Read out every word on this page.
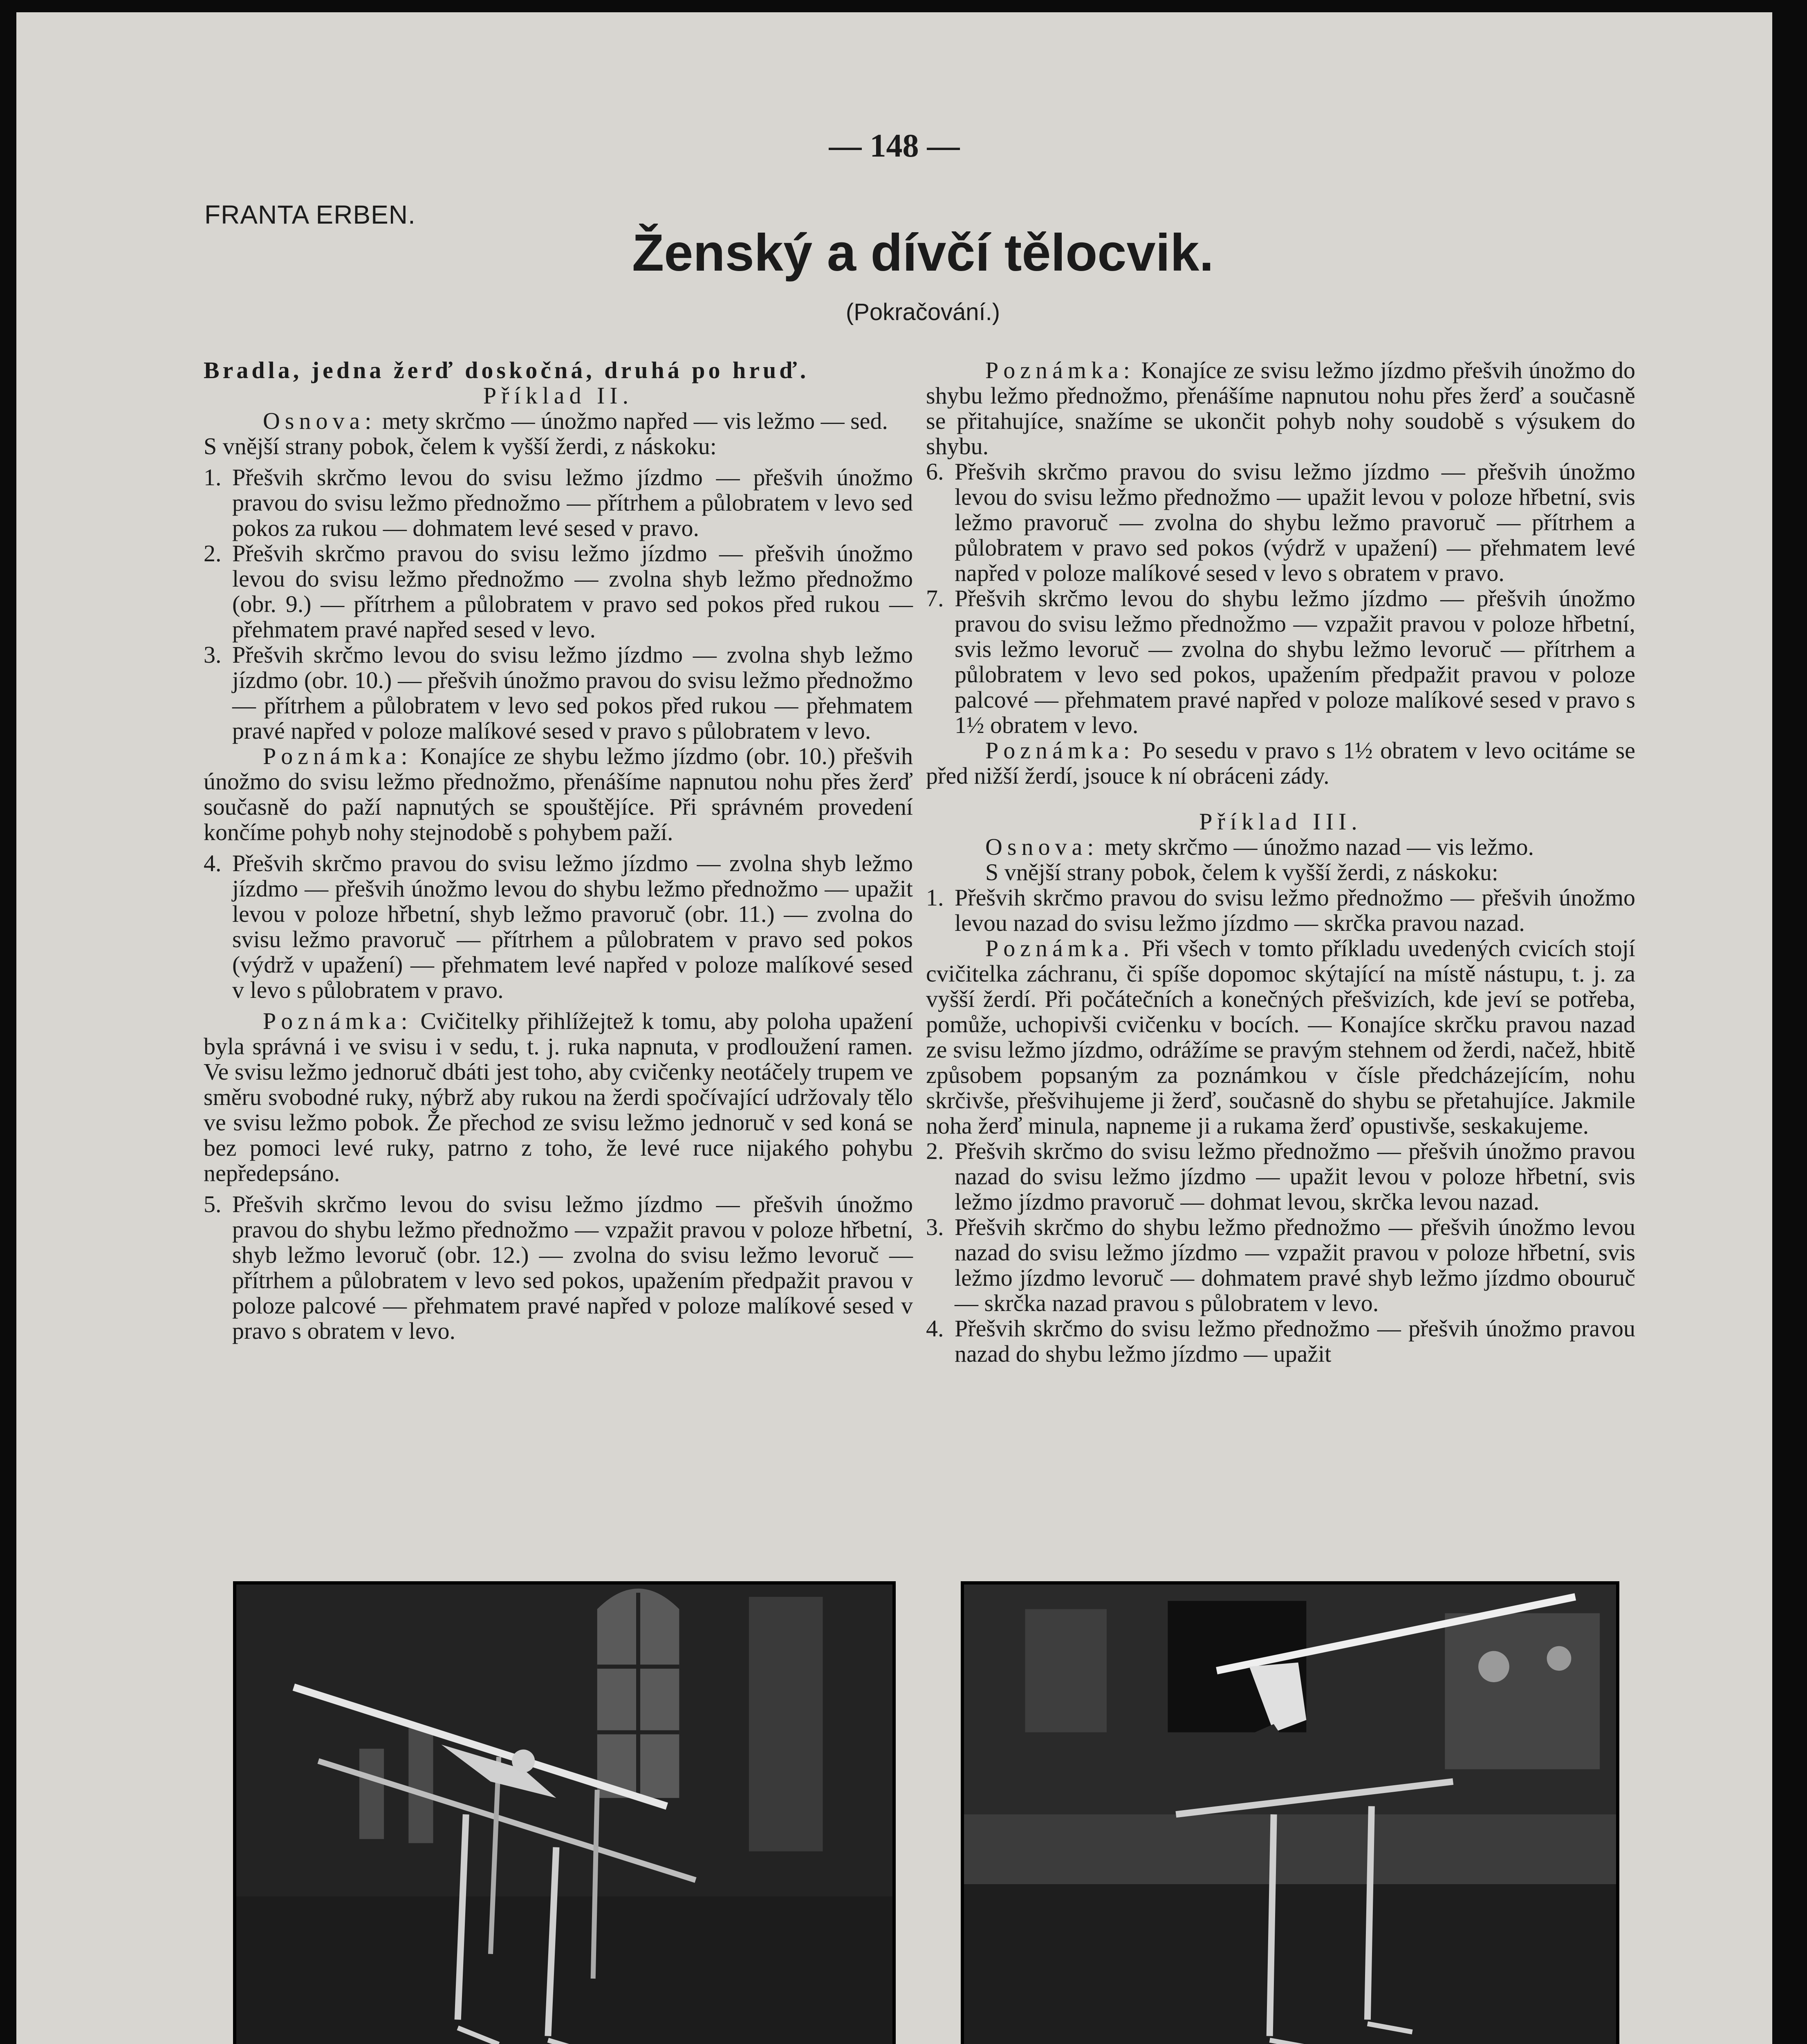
— 148 —
FRANTA ERBEN.
Ženský a dívčí tělocvik.
(Pokračování.)

Bradla, jedna žerď doskočná, druhá po hruď.

Příklad II.

Osnova: mety skrčmo — únožmo napřed — vis ležmo — sed.

S vnější strany pobok, čelem k vyšší žerdi, z náskoku:

1. Přešvih skrčmo levou do svisu ležmo jízdmo — přešvih únožmo pravou do svisu ležmo přednožmo — přítrhem a půlobratem v levo sed pokos za rukou — dohmatem levé sesed v pravo.
2. Přešvih skrčmo pravou do svisu ležmo jízdmo — přešvih únožmo levou do svisu ležmo přednožmo — zvolna shyb ležmo přednožmo (obr. 9.) — přítrhem a půlobratem v pravo sed pokos před rukou — přehmatem pravé napřed sesed v levo.
3. Přešvih skrčmo levou do svisu ležmo jízdmo — zvolna shyb ležmo jízdmo (obr. 10.) — přešvih únožmo pravou do svisu ležmo přednožmo — přítrhem a půlobratem v levo sed pokos před rukou — přehmatem pravé napřed v poloze malíkové sesed v pravo s půlobratem v levo.

Poznámka: Konajíce ze shybu ležmo jízdmo (obr. 10.) přešvih únožmo do svisu ležmo přednožmo, přenášíme napnutou nohu přes žerď současně do paží napnutých se spouštějíce. Při správném provedení končíme pohyb nohy stejnodobě s pohybem paží.

4. Přešvih skrčmo pravou do svisu ležmo jízdmo — zvolna shyb ležmo jízdmo — přešvih únožmo levou do shybu ležmo přednožmo — upažit levou v poloze hřbetní, shyb ležmo pravoruč (obr. 11.) — zvolna do svisu ležmo pravoruč — přítrhem a půlobratem v pravo sed pokos (výdrž v upažení) — přehmatem levé napřed v poloze malíkové sesed v levo s půlobratem v pravo.

Poznámka: Cvičitelky přihlížejtež k tomu, aby poloha upažení byla správná i ve svisu i v sedu, t. j. ruka napnuta, v prodloužení ramen. Ve svisu ležmo jednoruč dbáti jest toho, aby cvičenky neotáčely trupem ve směru svobodné ruky, nýbrž aby rukou na žerdi spočívající udržovaly tělo ve svisu ležmo pobok. Že přechod ze svisu ležmo jednoruč v sed koná se bez pomoci levé ruky, patrno z toho, že levé ruce nijakého pohybu nepředepsáno.

5. Přešvih skrčmo levou do svisu ležmo jízdmo — přešvih únožmo pravou do shybu ležmo přednožmo — vzpažit pravou v poloze hřbetní, shyb ležmo levoruč (obr. 12.) — zvolna do svisu ležmo levoruč — přítrhem a půlobratem v levo sed pokos, upažením předpažit pravou v poloze palcové — přehmatem pravé napřed v poloze malíkové sesed v pravo s obratem v levo.

Poznámka: Konajíce ze svisu ležmo jízdmo přešvih únožmo do shybu ležmo přednožmo, přenášíme napnutou nohu přes žerď a současně se přitahujíce, snažíme se ukončit pohyb nohy soudobě s výsukem do shybu.

6. Přešvih skrčmo pravou do svisu ležmo jízdmo — přešvih únožmo levou do svisu ležmo přednožmo — upažit levou v poloze hřbetní, svis ležmo pravoruč — zvolna do shybu ležmo pravoruč — přítrhem a půlobratem v pravo sed pokos (výdrž v upažení) — přehmatem levé napřed v poloze malíkové sesed v levo s obratem v pravo.
7. Přešvih skrčmo levou do shybu ležmo jízdmo — přešvih únožmo pravou do svisu ležmo přednožmo — vzpažit pravou v poloze hřbetní, svis ležmo levoruč — zvolna do shybu ležmo levoruč — přítrhem a půlobratem v levo sed pokos, upažením předpažit pravou v poloze palcové — přehmatem pravé napřed v poloze malíkové sesed v pravo s 1½ obratem v levo.

Poznámka: Po sesedu v pravo s 1½ obratem v levo ocitáme se před nižší žerdí, jsouce k ní obráceni zády.

Příklad III.

Osnova: mety skrčmo — únožmo nazad — vis ležmo.

S vnější strany pobok, čelem k vyšší žerdi, z náskoku:

1. Přešvih skrčmo pravou do svisu ležmo přednožmo — přešvih únožmo levou nazad do svisu ležmo jízdmo — skrčka pravou nazad.

Poznámka. Při všech v tomto příkladu uvedených cvicích stojí cvičitelka záchranu, či spíše dopomoc skýtající na místě nástupu, t. j. za vyšší žerdí. Při počátečních a konečných přešvizích, kde jeví se potřeba, pomůže, uchopivši cvičenku v bocích. — Konajíce skrčku pravou nazad ze svisu ležmo jízdmo, odrážíme se pravým stehnem od žerdi, načež, hbitě způsobem popsaným za poznámkou v čísle předcházejícím, nohu skrčivše, přešvihujeme ji žerď, současně do shybu se přetahujíce. Jakmile noha žerď minula, napneme ji a rukama žerď opustivše, seskakujeme.

2. Přešvih skrčmo do svisu ležmo přednožmo — přešvih únožmo pravou nazad do svisu ležmo jízdmo — upažit levou v poloze hřbetní, svis ležmo jízdmo pravoruč — dohmat levou, skrčka levou nazad.
3. Přešvih skrčmo do shybu ležmo přednožmo — přešvih únožmo levou nazad do svisu ležmo jízdmo — vzpažit pravou v poloze hřbetní, svis ležmo jízdmo levoruč — dohmatem pravé shyb ležmo jízdmo obouruč — skrčka nazad pravou s půlobratem v levo.
4. Přešvih skrčmo do svisu ležmo přednožmo — přešvih únožmo pravou nazad do shybu ležmo jízdmo — upažit
